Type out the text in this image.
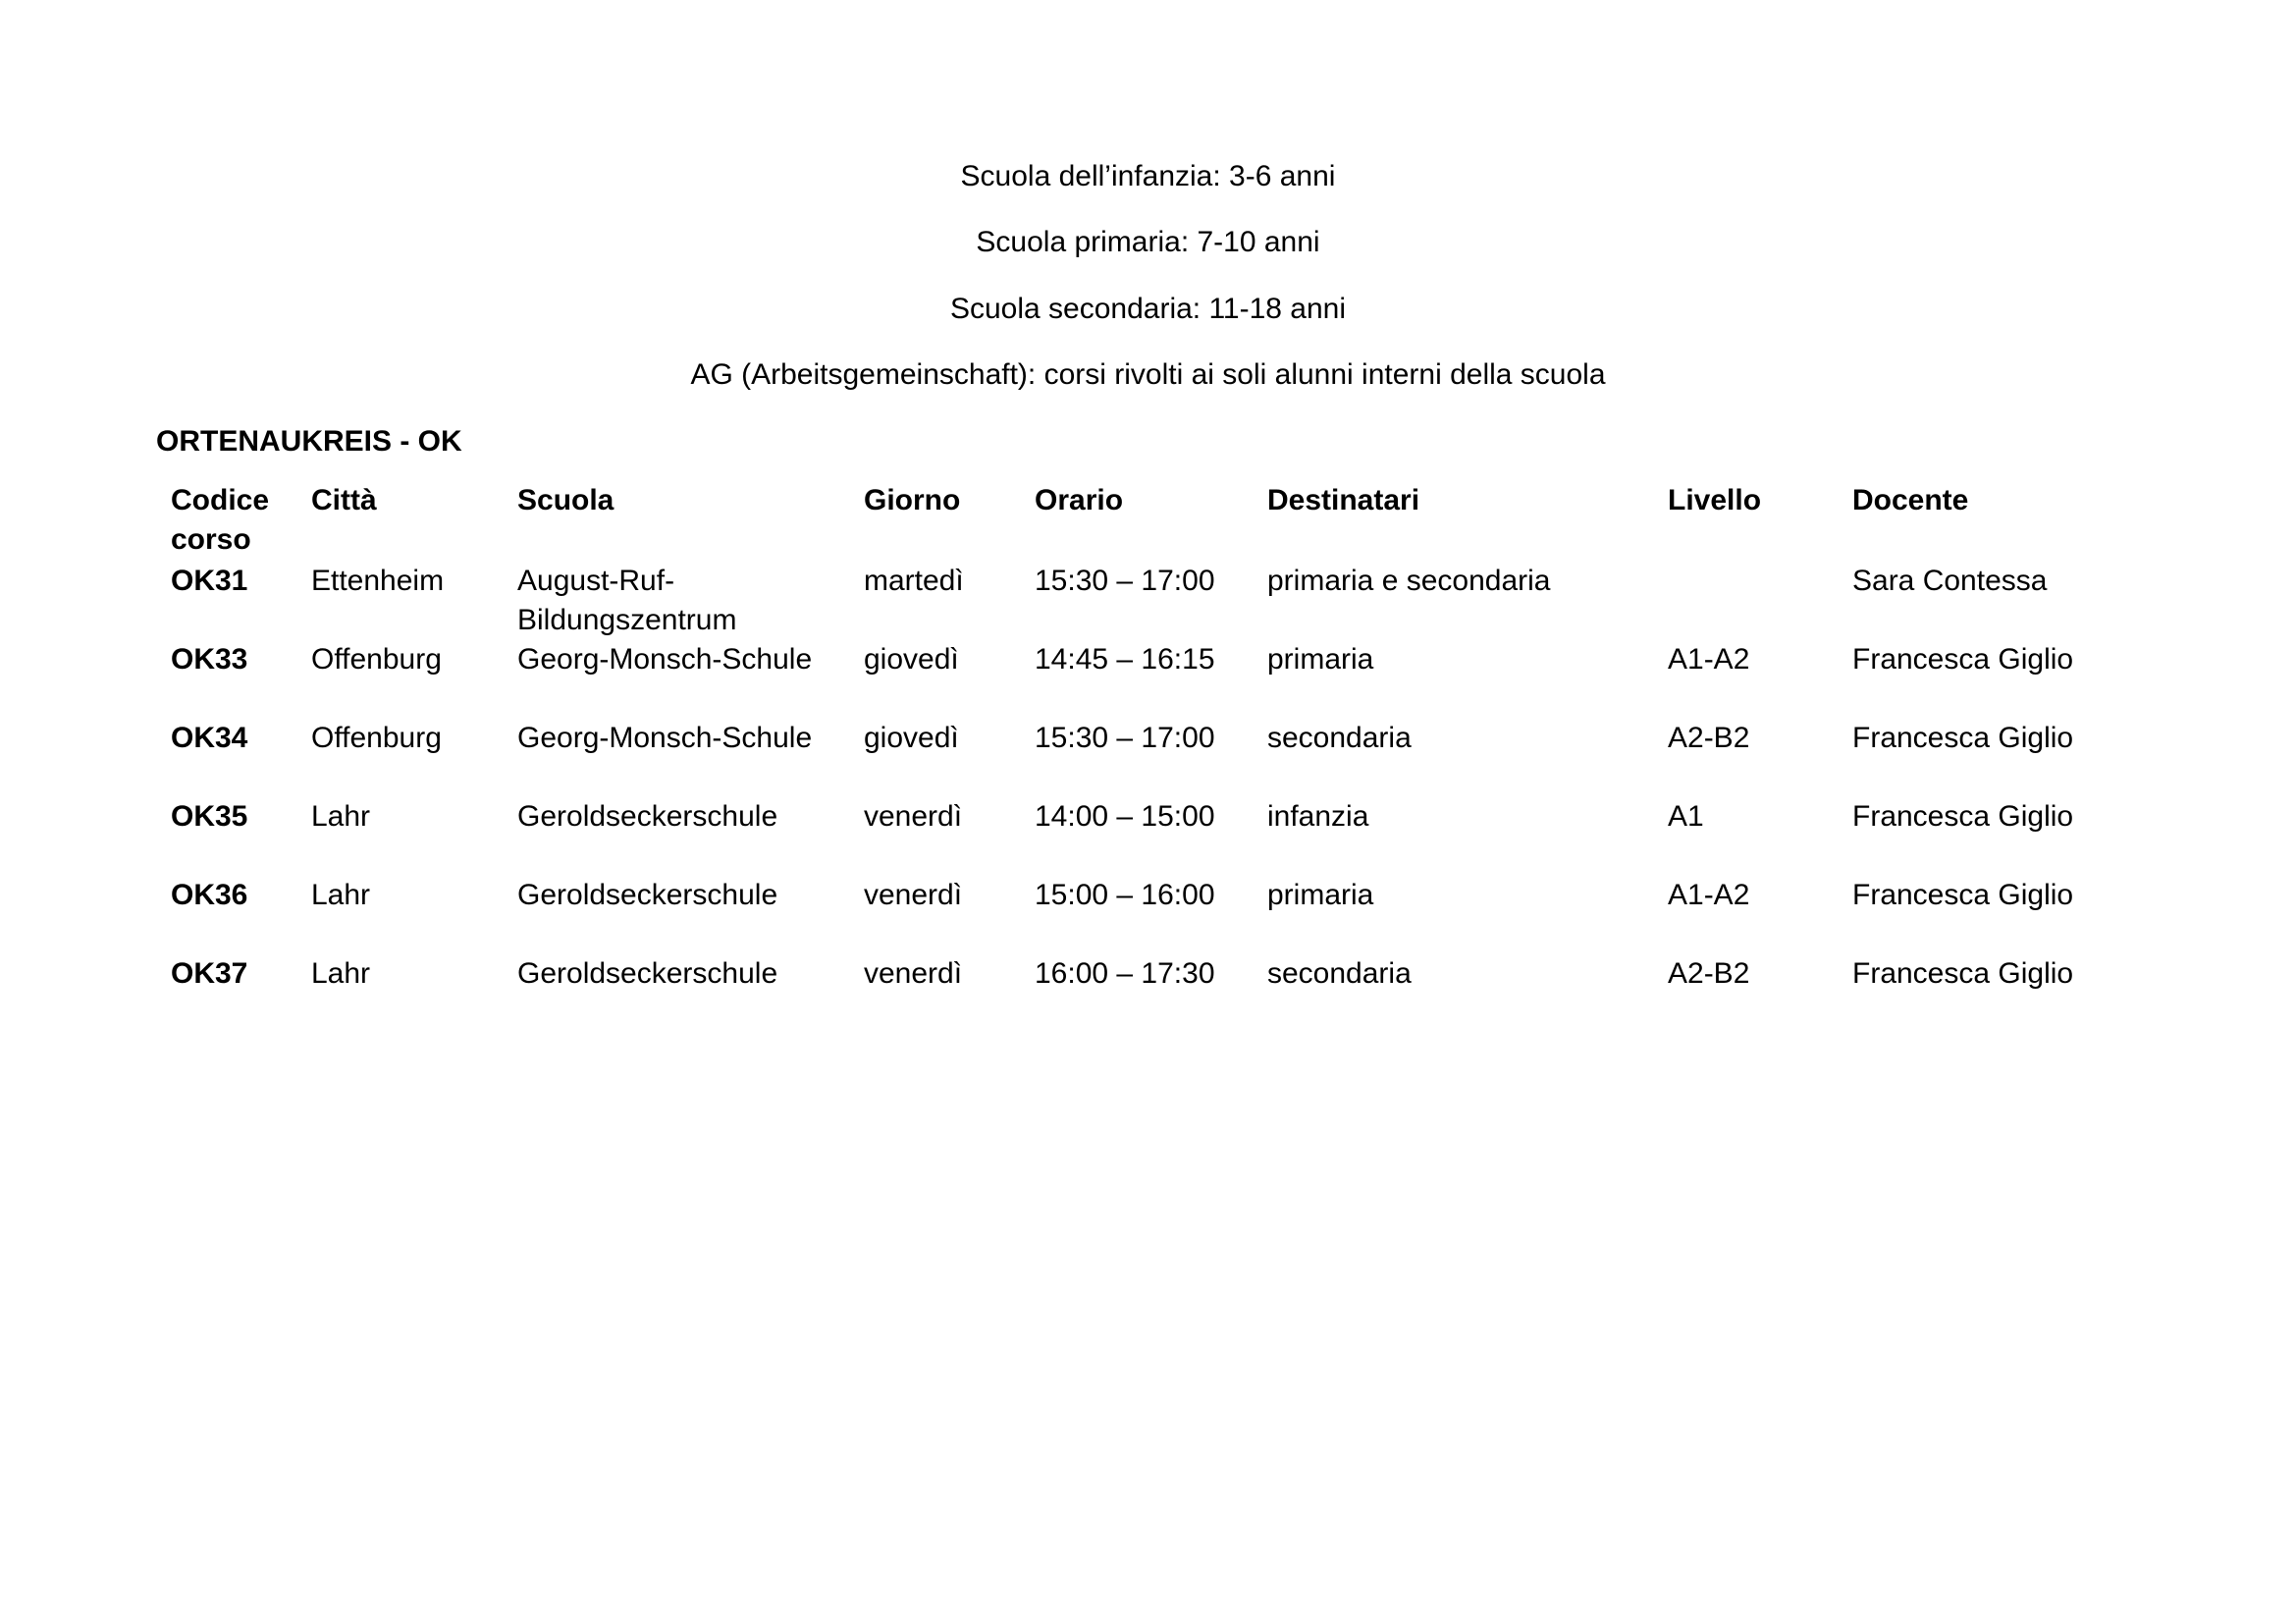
Scuola dell’infanzia: 3-6 anni
Scuola primaria: 7-10 anni
Scuola secondaria: 11-18 anni
AG (Arbeitsgemeinschaft): corsi rivolti ai soli alunni interni della scuola
ORTENAUKREIS - OK
Codice corso	Città	Scuola	Giorno	Orario	Destinatari	Livello	Docente
OK31	Ettenheim	August-Ruf-Bildungszentrum	martedì	15:30 – 17:00	primaria e secondaria		Sara Contessa
OK33	Offenburg	Georg-Monsch-Schule	giovedì	14:45 – 16:15	primaria	A1-A2	Francesca Giglio
OK34	Offenburg	Georg-Monsch-Schule	giovedì	15:30 – 17:00	secondaria	A2-B2	Francesca Giglio
OK35	Lahr	Geroldseckerschule	venerdì	14:00 – 15:00	infanzia	A1	Francesca Giglio
OK36	Lahr	Geroldseckerschule	venerdì	15:00 – 16:00	primaria	A1-A2	Francesca Giglio
OK37	Lahr	Geroldseckerschule	venerdì	16:00 – 17:30	secondaria	A2-B2	Francesca Giglio
